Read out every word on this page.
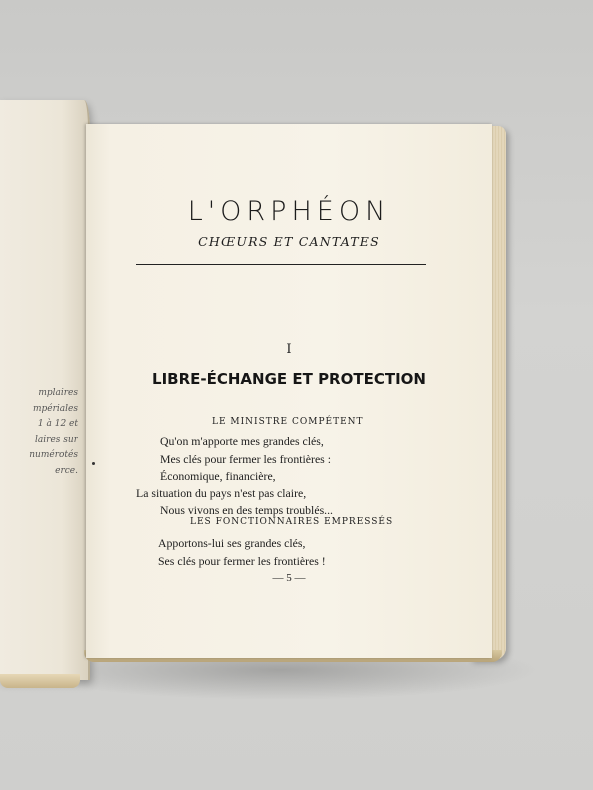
mplaires
mpériales
1 à 12 et
laires sur
numérotés
erce.
L'ORPHÉON
CHŒURS ET CANTATES
I
LIBRE-ÉCHANGE ET PROTECTION
LE MINISTRE COMPÉTENT
Qu'on m'apporte mes grandes clés,
Mes clés pour fermer les frontières :
Économique, financière,
La situation du pays n'est pas claire,
Nous vivons en des temps troublés...
LES FONCTIONNAIRES EMPRESSÉS
Apportons-lui ses grandes clés,
Ses clés pour fermer les frontières !
— 5 —
